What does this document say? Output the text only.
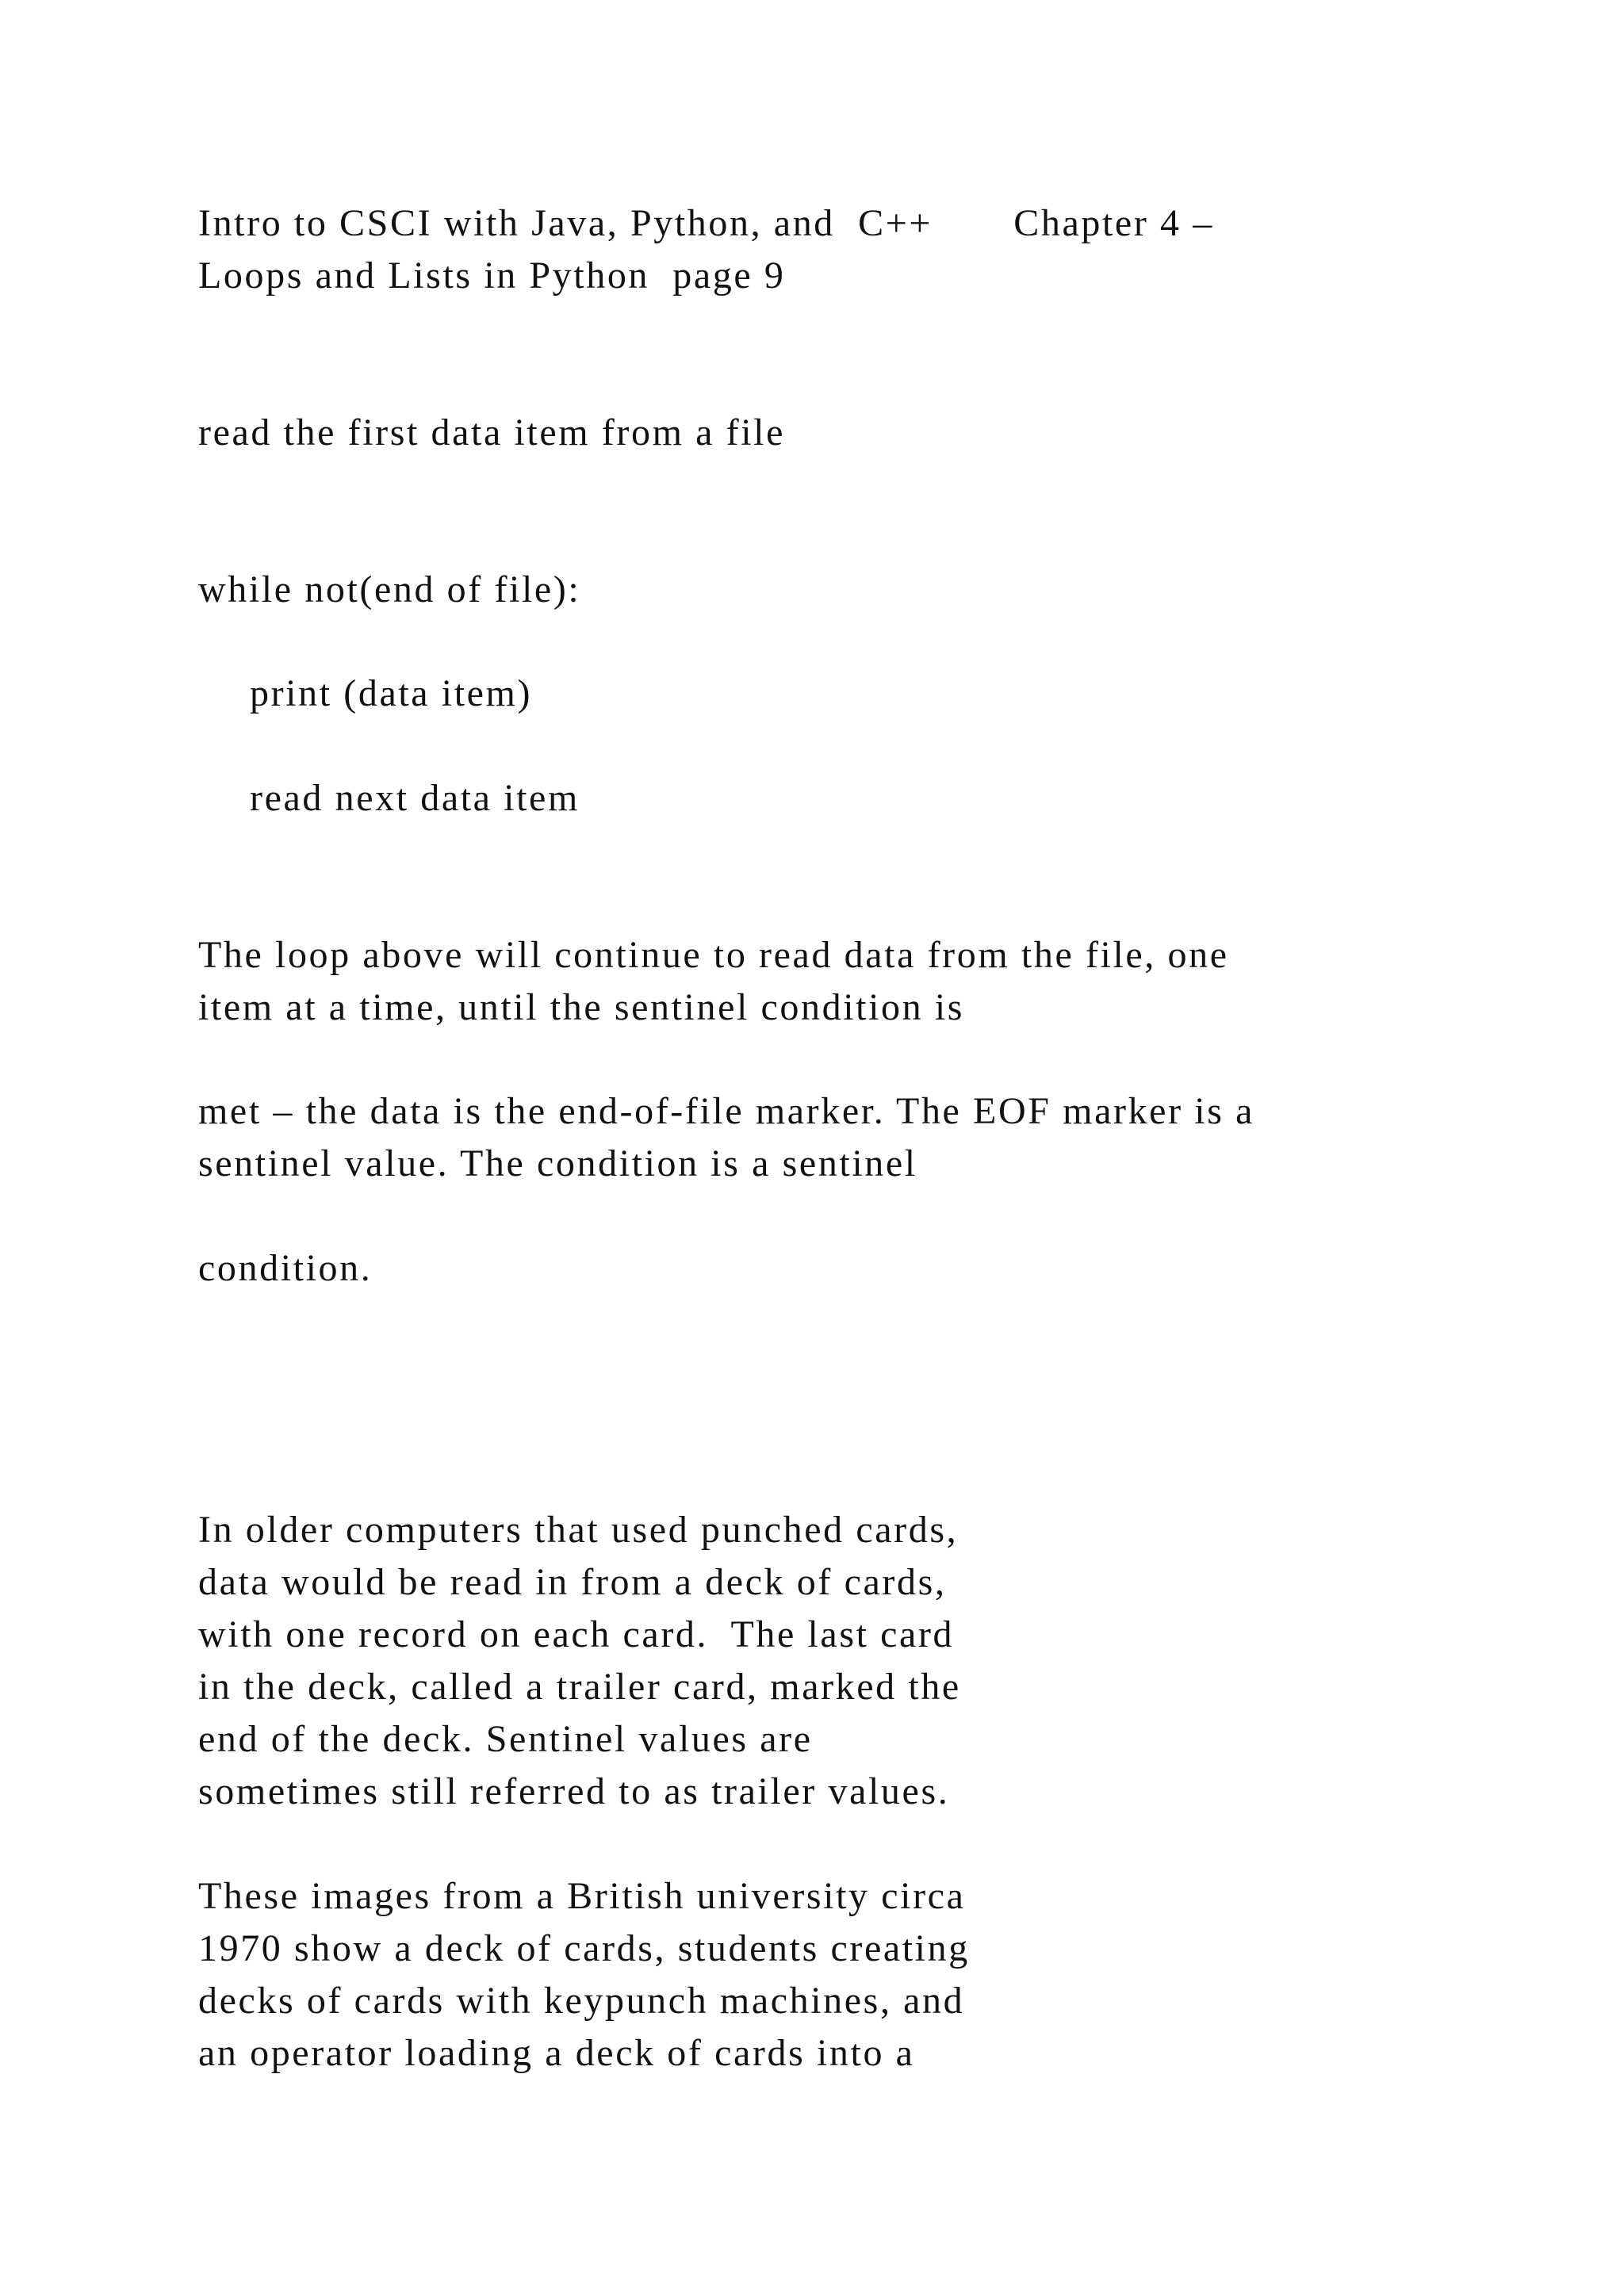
Intro to CSCI with Java, Python, and  C++       Chapter 4 –

Loops and Lists in Python  page 9

read the first data item from a file

while not(end of file):

print (data item)

read next data item

The loop above will continue to read data from the file, one

item at a time, until the sentinel condition is

met – the data is the end-of-file marker. The EOF marker is a

sentinel value. The condition is a sentinel

condition.

In older computers that used punched cards,

data would be read in from a deck of cards,

with one record on each card.  The last card

in the deck, called a trailer card, marked the

end of the deck. Sentinel values are

sometimes still referred to as trailer values.

These images from a British university circa

1970 show a deck of cards, students creating

decks of cards with keypunch machines, and

an operator loading a deck of cards into a
